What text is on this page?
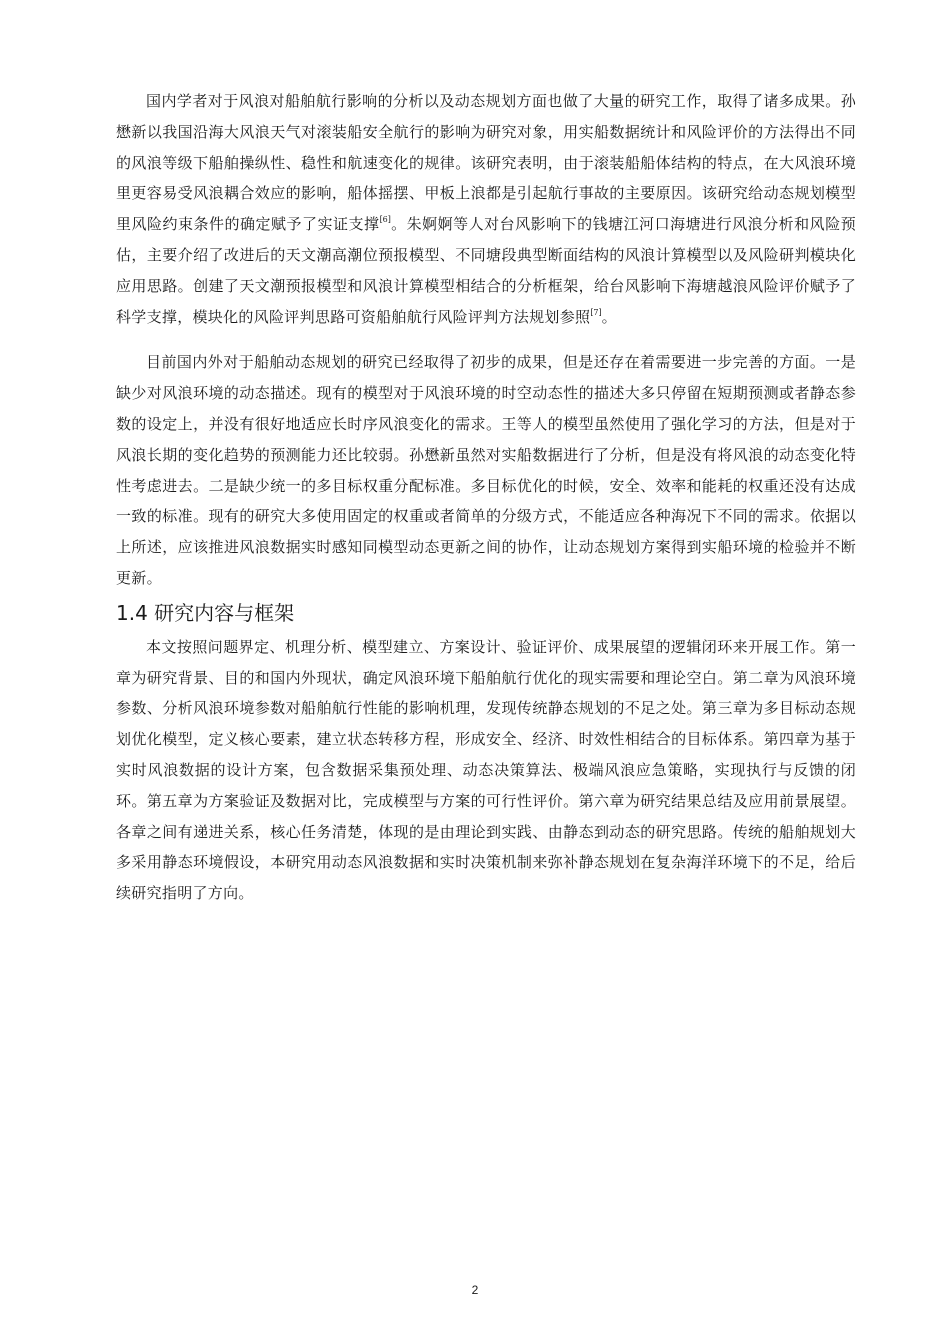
国内学者对于风浪对船舶航行影响的分析以及动态规划方面也做了大量的研究工作，取得了诸多成果。孙懋新以我国沿海大风浪天气对滚装船安全航行的影响为研究对象，用实船数据统计和风险评价的方法得出不同的风浪等级下船舶操纵性、稳性和航速变化的规律。该研究表明，由于滚装船船体结构的特点，在大风浪环境里更容易受风浪耦合效应的影响，船体摇摆、甲板上浪都是引起航行事故的主要原因。该研究给动态规划模型里风险约束条件的确定赋予了实证支撑[6]。朱婀婀等人对台风影响下的钱塘江河口海塘进行风浪分析和风险预估，主要介绍了改进后的天文潮高潮位预报模型、不同塘段典型断面结构的风浪计算模型以及风险研判模块化应用思路。创建了天文潮预报模型和风浪计算模型相结合的分析框架，给台风影响下海塘越浪风险评价赋予了科学支撑，模块化的风险评判思路可资船舶航行风险评判方法规划参照[7]。

目前国内外对于船舶动态规划的研究已经取得了初步的成果，但是还存在着需要进一步完善的方面。一是缺少对风浪环境的动态描述。现有的模型对于风浪环境的时空动态性的描述大多只停留在短期预测或者静态参数的设定上，并没有很好地适应长时序风浪变化的需求。王等人的模型虽然使用了强化学习的方法，但是对于风浪长期的变化趋势的预测能力还比较弱。孙懋新虽然对实船数据进行了分析，但是没有将风浪的动态变化特性考虑进去。二是缺少统一的多目标权重分配标准。多目标优化的时候，安全、效率和能耗的权重还没有达成一致的标准。现有的研究大多使用固定的权重或者简单的分级方式，不能适应各种海况下不同的需求。依据以上所述，应该推进风浪数据实时感知同模型动态更新之间的协作，让动态规划方案得到实船环境的检验并不断更新。

1.4 研究内容与框架

本文按照问题界定、机理分析、模型建立、方案设计、验证评价、成果展望的逻辑闭环来开展工作。第一章为研究背景、目的和国内外现状，确定风浪环境下船舶航行优化的现实需要和理论空白。第二章为风浪环境参数、分析风浪环境参数对船舶航行性能的影响机理，发现传统静态规划的不足之处。第三章为多目标动态规划优化模型，定义核心要素，建立状态转移方程，形成安全、经济、时效性相结合的目标体系。第四章为基于实时风浪数据的设计方案，包含数据采集预处理、动态决策算法、极端风浪应急策略，实现执行与反馈的闭环。第五章为方案验证及数据对比，完成模型与方案的可行性评价。第六章为研究结果总结及应用前景展望。各章之间有递进关系，核心任务清楚，体现的是由理论到实践、由静态到动态的研究思路。传统的船舶规划大多采用静态环境假设，本研究用动态风浪数据和实时决策机制来弥补静态规划在复杂海洋环境下的不足，给后续研究指明了方向。

2
